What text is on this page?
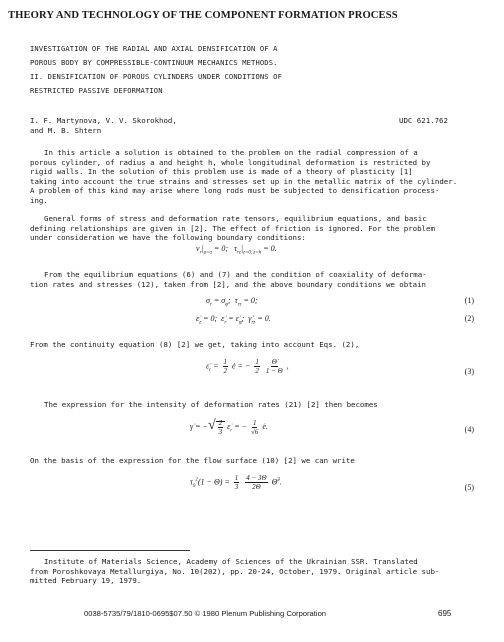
THEORY AND TECHNOLOGY OF THE COMPONENT FORMATION PROCESS
INVESTIGATION OF THE RADIAL AND AXIAL DENSIFICATION OF A
POROUS BODY BY COMPRESSIBLE-CONTINUUM MECHANICS METHODS.
II. DENSIFICATION OF POROUS CYLINDERS UNDER CONDITIONS OF
RESTRICTED PASSIVE DEFORMATION
I. F. Martynova, V. V. Skorokhod,
and M. B. Shtern
UDC 621.762
In this article a solution is obtained to the problem on the radial compression of a
porous cylinder, of radius a and height h, whole longitudinal deformation is restricted by
rigid walls. In the solution of this problem use is made of a theory of plasticity [1]
taking into account the true strains and stresses set up in the metallic matrix of the cylinder.
A problem of this kind may arise where long rods must be subjected to densification process-
ing.
General forms of stress and deformation rate tensors, equilibrium equations, and basic
defining relationships are given in [2]. The effect of friction is ignored. For the problem
under consideration we have the following boundary conditions:
$v_r|_{\rho=a} = 0$;   $\tau_{rz}|_{z=0, z=h} = 0$.
From the equilibrium equations (6) and (7) and the condition of coaxiality of deforma-
tion rates and stresses (12), taken from [2], and the above boundary conditions we obtain
$\sigma_r = \sigma_\varphi$;  $\tau_{rz} = 0$;	(1)
$\varepsiloṅ_z = 0$;  $\varepsiloṅ_r$ = $\varepsiloṅ_\varphi$;  $\gammȧ_{rz} = 0$.	(2)
From the continuity equation (8) [2] we get, taking into account Eqs. (2),
$\varepsiloṅ_r = \frac{1}{2}$ ė = − $\frac{1}{2}$
$\frac{\Thetȧ}{1 - \Theta}$ ,
(3)
The expression for the intensity of deformation rates (21) [2] then becomes
γ̇ = −√ $\frac{2}{3}$ $\varepsiloṅ_r$ = − $\frac{1}{√6}$ ė.	(4)
On the basis of the expression for the flow surface (10) [2] we can write
$\tau_0^2(1 - \Theta) = \frac{1}{3}$
$\frac{4 - 3\Theta}{2\Theta}$ Θ̇$^2$.
(5)
Institute of Materials Science, Academy of Sciences of the Ukrainian SSR. Translated
from Poroshkovaya Metallurgiya, No. 10(202), pp. 20-24, October, 1979. Original article sub-
mitted February 19, 1979.
0038-5735/79/1810-0695$07.50 © 1980 Plenum Publishing Corporation	695
